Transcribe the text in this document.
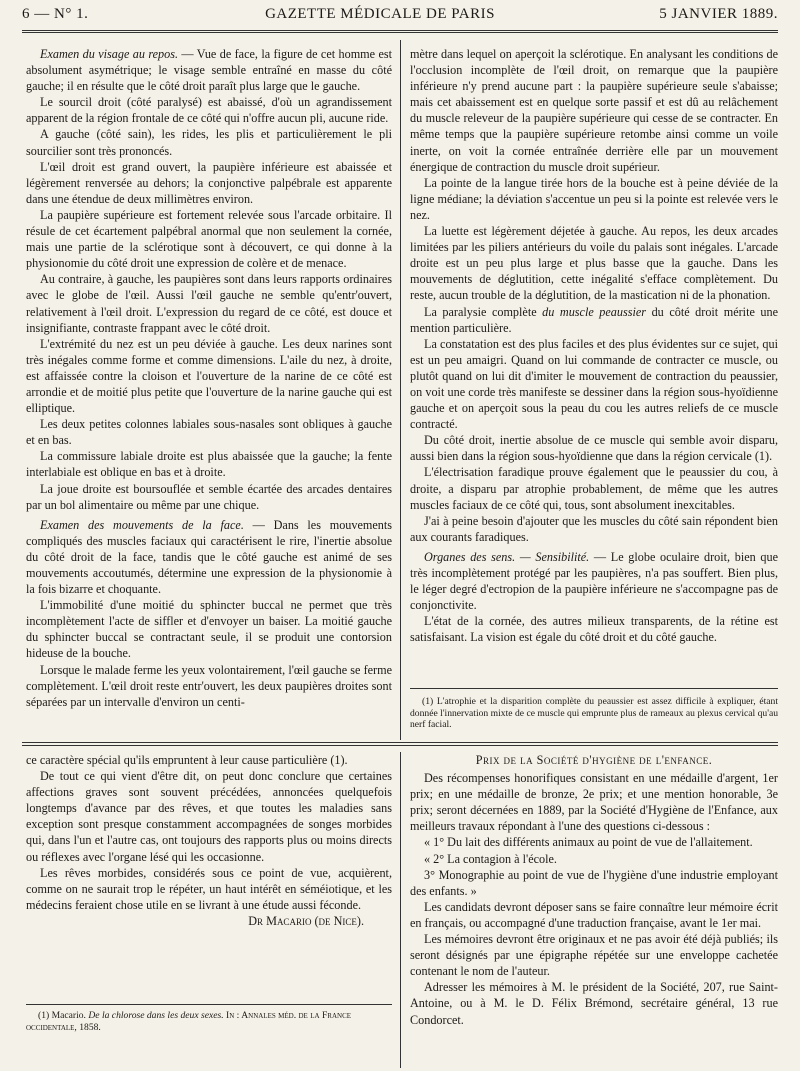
6 — N° 1.	GAZETTE MÉDICALE DE PARIS	5 JANVIER 1889.

Examen du visage au repos. — Vue de face, la figure de cet homme est absolument asymétrique; le visage semble entraîné en masse du côté gauche; il en résulte que le côté droit paraît plus large que le gauche.

Le sourcil droit (côté paralysé) est abaissé, d'où un agrandissement apparent de la région frontale de ce côté qui n'offre aucun pli, aucune ride.

A gauche (côté sain), les rides, les plis et particulièrement le pli sourcilier sont très prononcés.

L'œil droit est grand ouvert, la paupière inférieure est abaissée et légèrement renversée au dehors; la conjonctive palpébrale est apparente dans une étendue de deux millimètres environ.

La paupière supérieure est fortement relevée sous l'arcade orbitaire. Il résule de cet écartement palpébral anormal que non seulement la cornée, mais une partie de la sclérotique sont à découvert, ce qui donne à la physionomie du côté droit une expression de colère et de menace.

Au contraire, à gauche, les paupières sont dans leurs rapports ordinaires avec le globe de l'œil. Aussi l'œil gauche ne semble qu'entr'ouvert, relativement à l'œil droit. L'expression du regard de ce côté, est douce et insignifiante, contraste frappant avec le côté droit.

L'extrémité du nez est un peu déviée à gauche. Les deux narines sont très inégales comme forme et comme dimensions. L'aile du nez, à droite, est affaissée contre la cloison et l'ouverture de la narine de ce côté est arrondie et de moitié plus petite que l'ouverture de la narine gauche qui est elliptique.

Les deux petites colonnes labiales sous-nasales sont obliques à gauche et en bas.

La commissure labiale droite est plus abaissée que la gauche; la fente interlabiale est oblique en bas et à droite.

La joue droite est boursouflée et semble écartée des arcades dentaires par un bol alimentaire ou même par une chique.

Examen des mouvements de la face. — Dans les mouvements compliqués des muscles faciaux qui caractérisent le rire, l'inertie absolue du côté droit de la face, tandis que le côté gauche est animé de ses mouvements accoutumés, détermine une expression de la physionomie à la fois bizarre et choquante.

L'immobilité d'une moitié du sphincter buccal ne permet que très incomplètement l'acte de siffler et d'envoyer un baiser. La moitié gauche du sphincter buccal se contractant seule, il se produit une contorsion hideuse de la bouche.

Lorsque le malade ferme les yeux volontairement, l'œil gauche se ferme complètement. L'œil droit reste entr'ouvert, les deux paupières droites sont séparées par un intervalle d'environ un centi-

mètre dans lequel on aperçoit la sclérotique. En analysant les conditions de l'occlusion incomplète de l'œil droit, on remarque que la paupière inférieure n'y prend aucune part : la paupière supérieure seule s'abaisse; mais cet abaissement est en quelque sorte passif et est dû au relâchement du muscle releveur de la paupière supérieure qui cesse de se contracter. En même temps que la paupière supérieure retombe ainsi comme un voile inerte, on voit la cornée entraînée derrière elle par un mouvement énergique de contraction du muscle droit supérieur.

La pointe de la langue tirée hors de la bouche est à peine déviée de la ligne médiane; la déviation s'accentue un peu si la pointe est relevée vers le nez.

La luette est légèrement déjetée à gauche. Au repos, les deux arcades limitées par les piliers antérieurs du voile du palais sont inégales. L'arcade droite est un peu plus large et plus basse que la gauche. Dans les mouvements de déglutition, cette inégalité s'efface complètement. Du reste, aucun trouble de la déglutition, de la mastication ni de la phonation.

La paralysie complète du muscle peaussier du côté droit mérite une mention particulière.

La constatation est des plus faciles et des plus évidentes sur ce sujet, qui est un peu amaigri. Quand on lui commande de contracter ce muscle, ou plutôt quand on lui dit d'imiter le mouvement de contraction du peaussier, on voit une corde très manifeste se dessiner dans la région sous-hyoïdienne gauche et on aperçoit sous la peau du cou les autres reliefs de ce muscle contracté.

Du côté droit, inertie absolue de ce muscle qui semble avoir disparu, aussi bien dans la région sous-hyoïdienne que dans la région cervicale (1).

L'électrisation faradique prouve également que le peaussier du cou, à droite, a disparu par atrophie probablement, de même que les autres muscles faciaux de ce côté qui, tous, sont absolument inexcitables.

J'ai à peine besoin d'ajouter que les muscles du côté sain répondent bien aux courants faradiques.

Organes des sens. — Sensibilité. — Le globe oculaire droit, bien que très incomplètement protégé par les paupières, n'a pas souffert. Bien plus, le léger degré d'ectropion de la paupière inférieure ne s'accompagne pas de conjonctivite.

L'état de la cornée, des autres milieux transparents, de la rétine est satisfaisant. La vision est égale du côté droit et du côté gauche.

(1) L'atrophie et la disparition complète du peaussier est assez difficile à expliquer, étant donnée l'innervation mixte de ce muscle qui emprunte plus de rameaux au plexus cervical qu'au nerf facial.

ce caractère spécial qu'ils empruntent à leur cause particulière (1).

De tout ce qui vient d'être dit, on peut donc conclure que certaines affections graves sont souvent précédées, annoncées quelquefois longtemps d'avance par des rêves, et que toutes les maladies sans exception sont presque constamment accompagnées de songes morbides qui, dans l'un et l'autre cas, ont toujours des rapports plus ou moins directs ou réflexes avec l'organe lésé qui les occasionne.

Les rêves morbides, considérés sous ce point de vue, acquièrent, comme on ne saurait trop le répéter, un haut intérêt en séméiotique, et les médecins feraient chose utile en se livrant à une étude aussi féconde.

Dr Macario (de Nice).

(1) Macario. De la chlorose dans les deux sexes. In : Annales méd. de la France occidentale, 1858.

Prix de la Société d'hygiène de l'enfance.

Des récompenses honorifiques consistant en une médaille d'argent, 1er prix; en une médaille de bronze, 2e prix; et une mention honorable, 3e prix; seront décernées en 1889, par la Société d'Hygiène de l'Enfance, aux meilleurs travaux répondant à l'une des questions ci-dessous :

« 1° Du lait des différents animaux au point de vue de l'allaitement.

« 2° La contagion à l'école.

3° Monographie au point de vue de l'hygiène d'une industrie employant des enfants. »

Les candidats devront déposer sans se faire connaître leur mémoire écrit en français, ou accompagné d'une traduction française, avant le 1er mai.

Les mémoires devront être originaux et ne pas avoir été déjà publiés; ils seront désignés par une épigraphe répétée sur une enveloppe cachetée contenant le nom de l'auteur.

Adresser les mémoires à M. le président de la Société, 207, rue Saint-Antoine, ou à M. le D. Félix Brémond, secrétaire général, 13 rue Condorcet.
